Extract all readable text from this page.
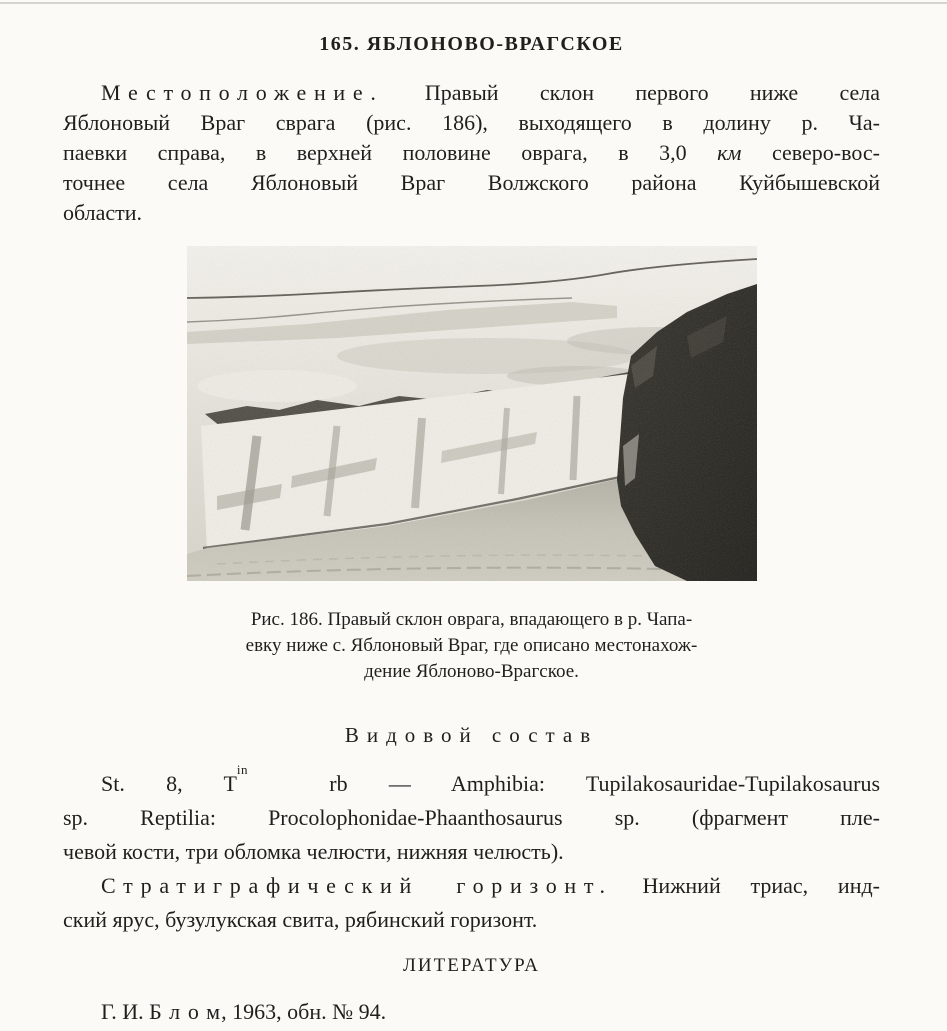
165. ЯБЛОНОВО-ВРАГСКОЕ
Местоположение. Правый склон первого ниже села
Яблоновый Враг сврага (рис. 186), выходящего в долину р. Ча-
паевки справа, в верхней половине оврага, в 3,0 км северо-вос-
точнее села Яблоновый Враг Волжского района Куйбышевской
области.
Рис. 186. Правый склон оврага, впадающего в р. Чапа-
евку ниже с. Яблоновый Враг, где описано местонахож-
дение Яблоново-Врагское.
Видовой состав
St. 8, $T^{in}$ rb — Amphibia: Tupilakosauridae-Tupilakosaurus
sp. Reptilia: Procolophonidae-Phaanthosaurus sp. (фрагмент пле-
чевой кости, три обломка челюсти, нижняя челюсть).
Стратиграфический горизонт. Нижний триас, инд-
ский ярус, бузулукская свита, рябинский горизонт.
ЛИТЕРАТУРА
Г. И. Блом, 1963, обн. № 94.
